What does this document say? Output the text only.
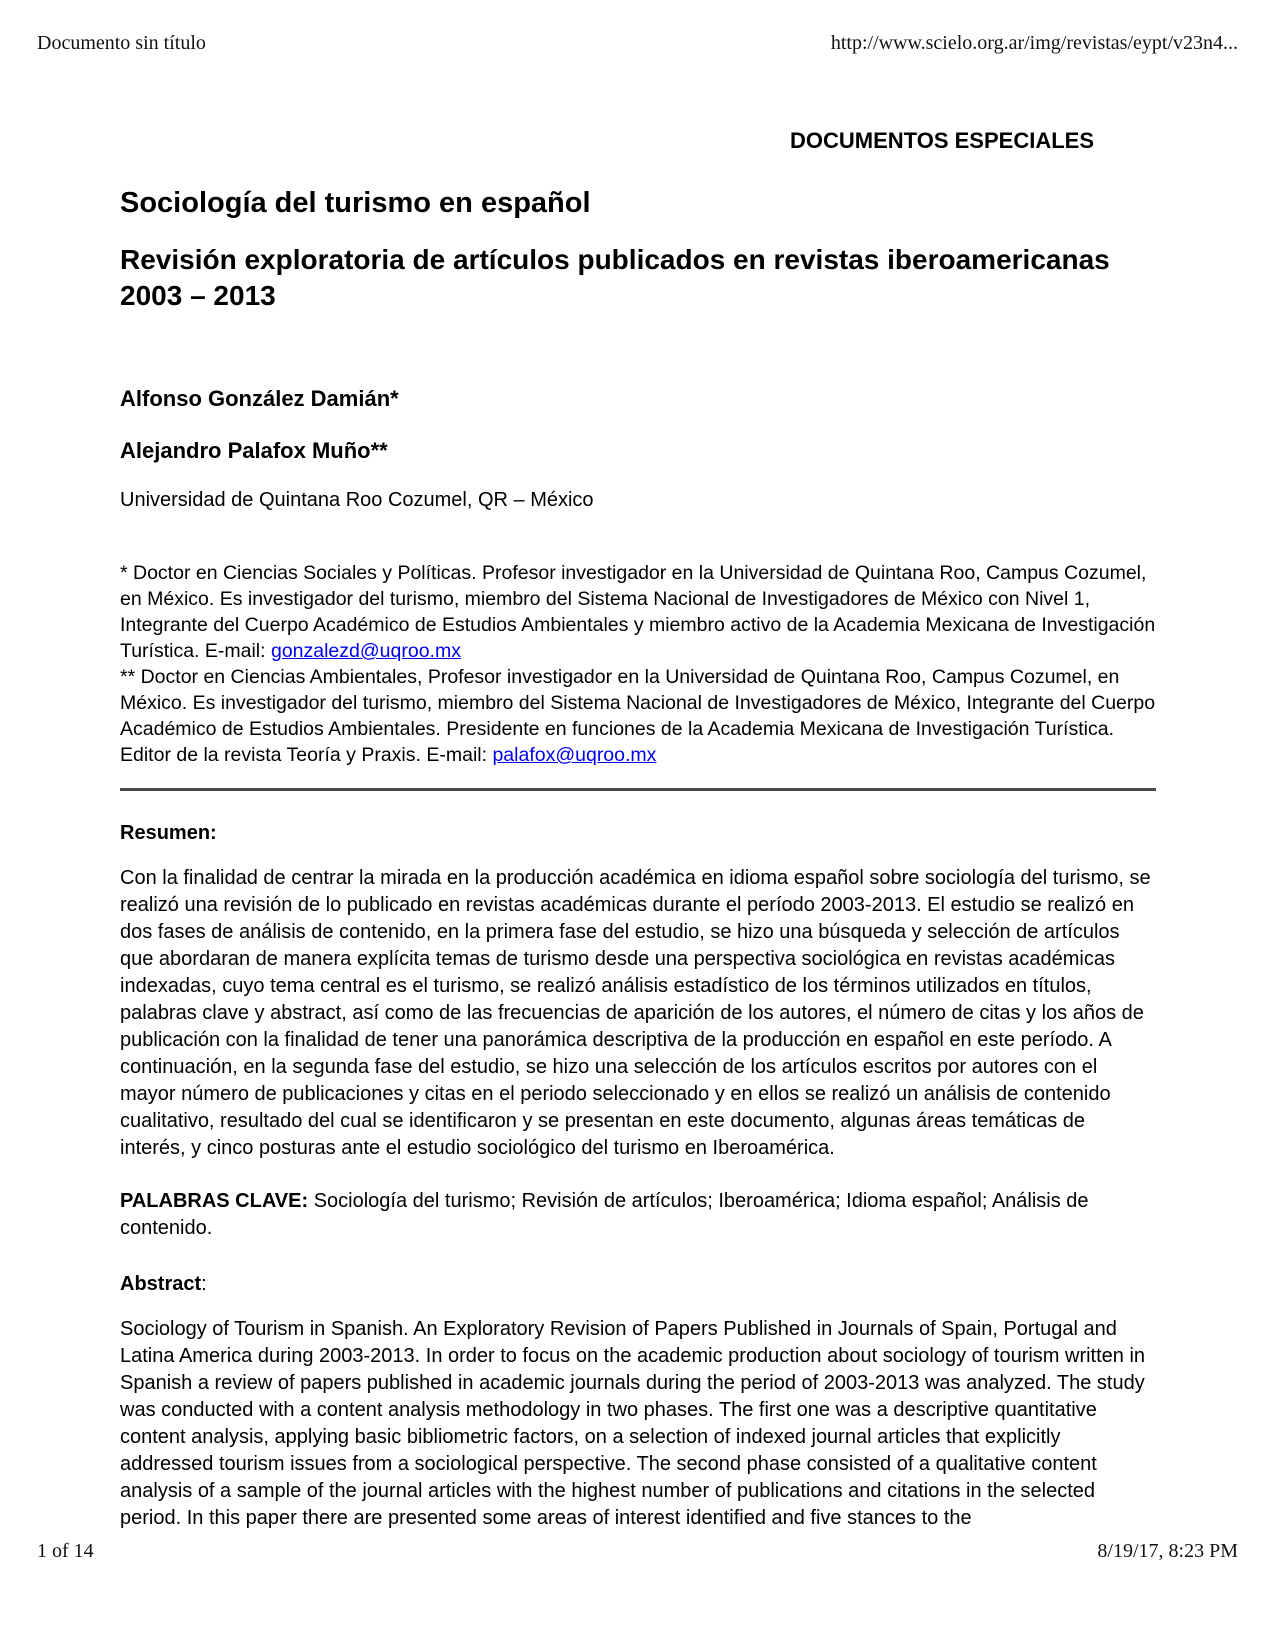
Documento sin título	http://www.scielo.org.ar/img/revistas/eypt/v23n4...
DOCUMENTOS ESPECIALES
Sociología del turismo en español
Revisión exploratoria de artículos publicados en revistas iberoamericanas 2003 – 2013
Alfonso González Damián*
Alejandro Palafox Muño**
Universidad de Quintana Roo Cozumel, QR – México

* Doctor en Ciencias Sociales y Políticas. Profesor investigador en la Universidad de Quintana Roo, Campus Cozumel, en México. Es investigador del turismo, miembro del Sistema Nacional de Investigadores de México con Nivel 1, Integrante del Cuerpo Académico de Estudios Ambientales y miembro activo de la Academia Mexicana de Investigación Turística. E-mail: gonzalezd@uqroo.mx

** Doctor en Ciencias Ambientales, Profesor investigador en la Universidad de Quintana Roo, Campus Cozumel, en México. Es investigador del turismo, miembro del Sistema Nacional de Investigadores de México, Integrante del Cuerpo Académico de Estudios Ambientales. Presidente en funciones de la Academia Mexicana de Investigación Turística. Editor de la revista Teoría y Praxis. E-mail: palafox@uqroo.mx

Resumen:

Con la finalidad de centrar la mirada en la producción académica en idioma español sobre sociología del turismo, se realizó una revisión de lo publicado en revistas académicas durante el período 2003-2013. El estudio se realizó en dos fases de análisis de contenido, en la primera fase del estudio, se hizo una búsqueda y selección de artículos que abordaran de manera explícita temas de turismo desde una perspectiva sociológica en revistas académicas indexadas, cuyo tema central es el turismo, se realizó análisis estadístico de los términos utilizados en títulos, palabras clave y abstract, así como de las frecuencias de aparición de los autores, el número de citas y los años de publicación con la finalidad de tener una panorámica descriptiva de la producción en español en este período. A continuación, en la segunda fase del estudio, se hizo una selección de los artículos escritos por autores con el mayor número de publicaciones y citas en el periodo seleccionado y en ellos se realizó un análisis de contenido cualitativo, resultado del cual se identificaron y se presentan en este documento, algunas áreas temáticas de interés, y cinco posturas ante el estudio sociológico del turismo en Iberoamérica.

PALABRAS CLAVE: Sociología del turismo; Revisión de artículos; Iberoamérica; Idioma español; Análisis de contenido.

Abstract:

Sociology of Tourism in Spanish. An Exploratory Revision of Papers Published in Journals of Spain, Portugal and Latina America during 2003-2013. In order to focus on the academic production about sociology of tourism written in Spanish a review of papers published in academic journals during the period of 2003-2013 was analyzed. The study was conducted with a content analysis methodology in two phases. The first one was a descriptive quantitative content analysis, applying basic bibliometric factors, on a selection of indexed journal articles that explicitly addressed tourism issues from a sociological perspective. The second phase consisted of a qualitative content analysis of a sample of the journal articles with the highest number of publications and citations in the selected period. In this paper there are presented some areas of interest identified and five stances to the

1 of 14	8/19/17, 8:23 PM
